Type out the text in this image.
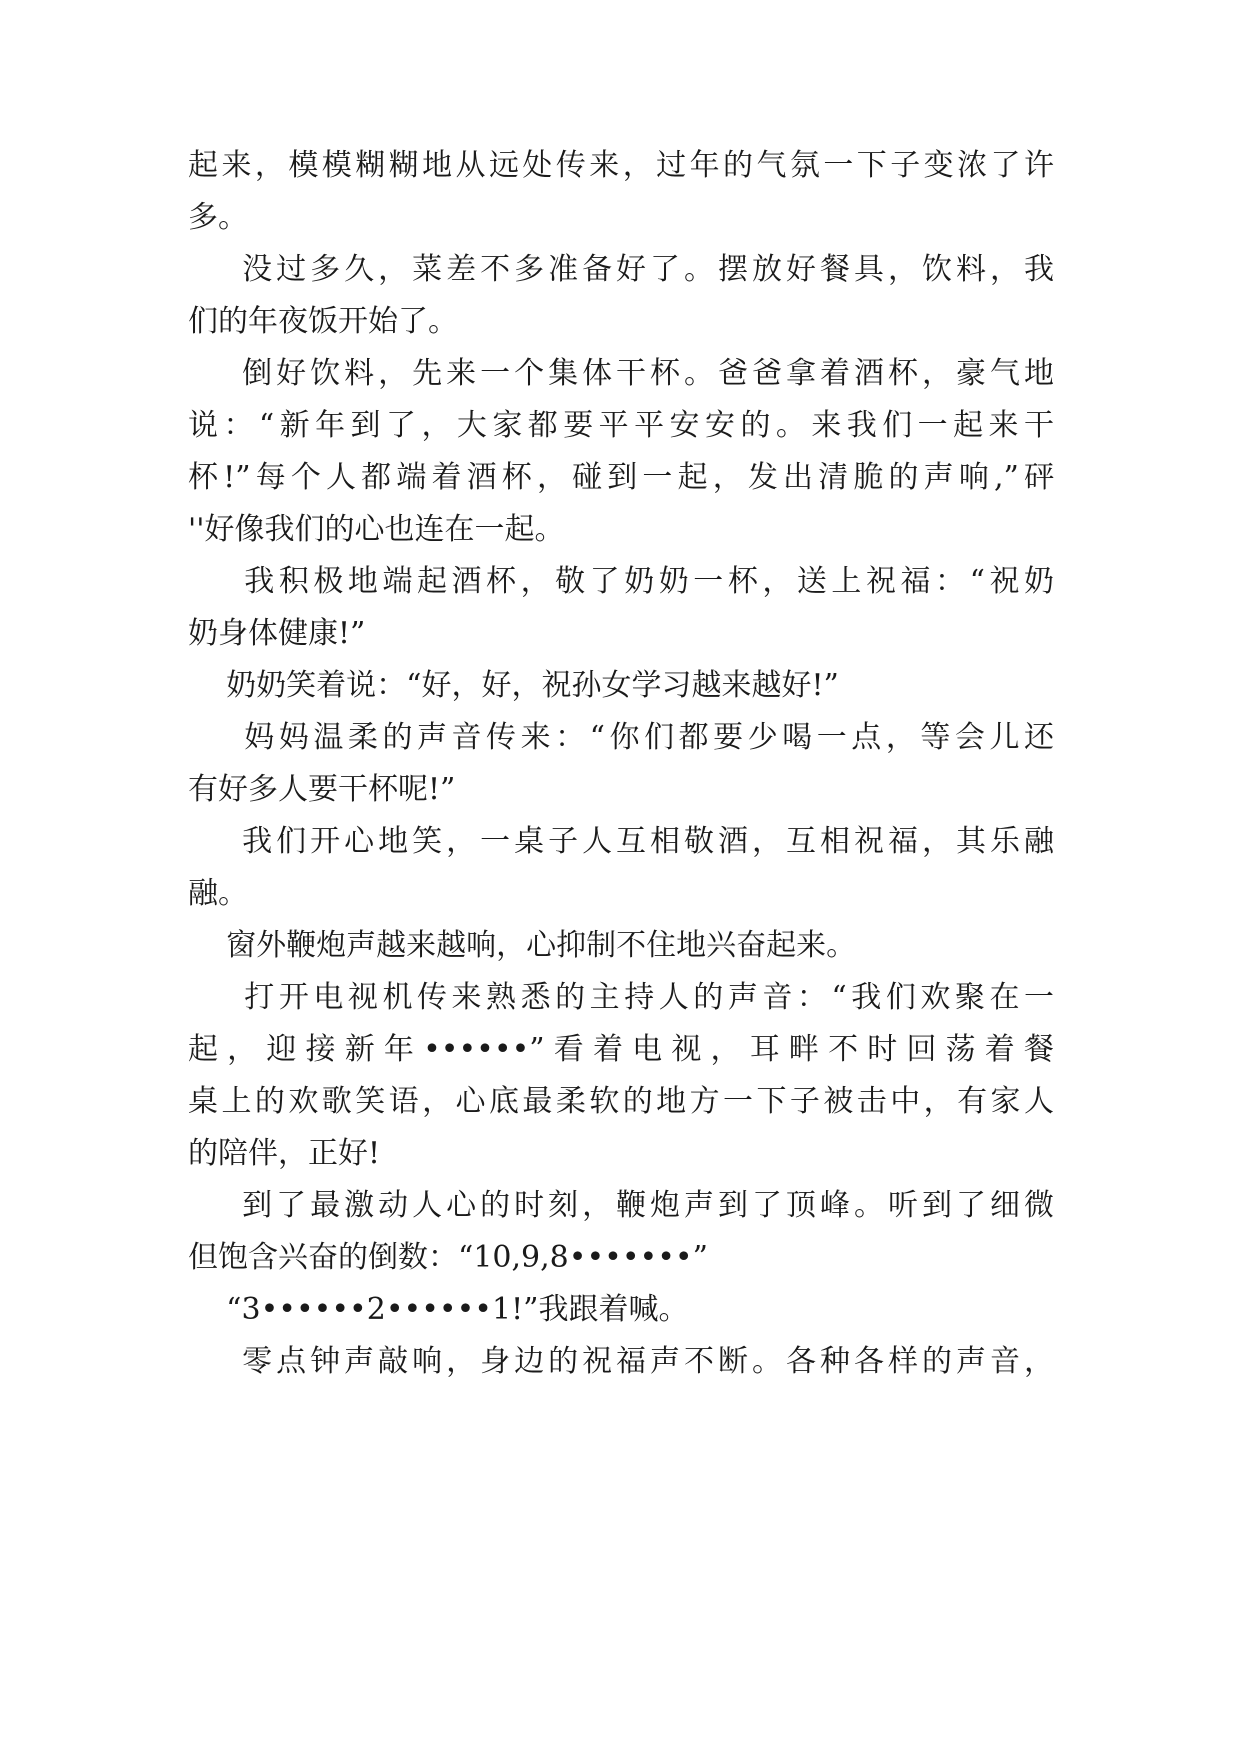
起来，模模糊糊地从远处传来，过年的气氛一下子变浓了许
多。
没过多久，菜差不多准备好了。摆放好餐具，饮料，我
们的年夜饭开始了。
倒好饮料，先来一个集体干杯。爸爸拿着酒杯，豪气地
说：“新年到了，大家都要平平安安的。来我们一起来干
杯!”每个人都端着酒杯，碰到一起，发出清脆的声响,”砰
''好像我们的心也连在一起。
我积极地端起酒杯，敬了奶奶一杯，送上祝福：“祝奶
奶身体健康!”
奶奶笑着说：“好，好，祝孙女学习越来越好!”
妈妈温柔的声音传来：“你们都要少喝一点，等会儿还
有好多人要干杯呢!”
我们开心地笑，一桌子人互相敬酒，互相祝福，其乐融
融。
窗外鞭炮声越来越响，心抑制不住地兴奋起来。
打开电视机传来熟悉的主持人的声音：“我们欢聚在一
起，迎接新年••••••”看着电视，耳畔不时回荡着餐
桌上的欢歌笑语，心底最柔软的地方一下子被击中，有家人
的陪伴，正好!
到了最激动人心的时刻，鞭炮声到了顶峰。听到了细微
但饱含兴奋的倒数：“10,9,8•••••••”
“3••••••2••••••1!”我跟着喊。
零点钟声敲响，身边的祝福声不断。各种各样的声音，
